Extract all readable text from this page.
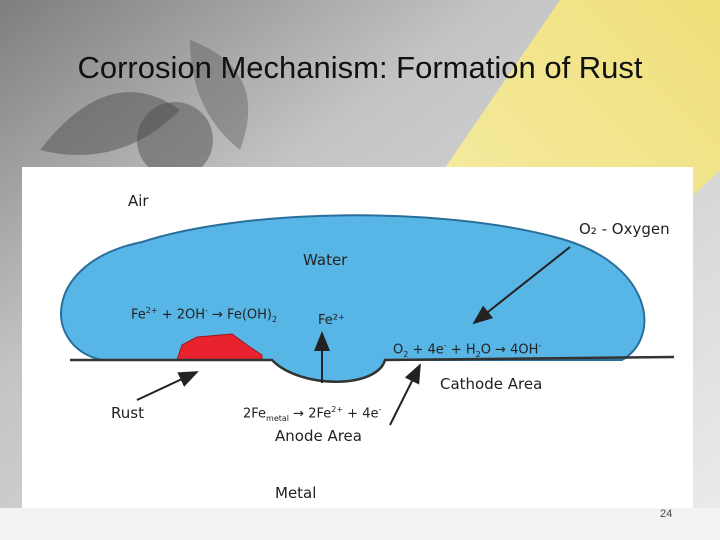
Corrosion Mechanism: Formation of Rust
Air
Water
O₂ - Oxygen
$Fe^{2+} + 2OH^- \to Fe(OH)_2$	Fe²⁺
$O_2 + 4e^- + H_2O \to 4OH^-$
Cathode Area
Rust	$2Fe_{metal} \to 2Fe^{2+} + 4e^-$
Anode Area
Metal
24
